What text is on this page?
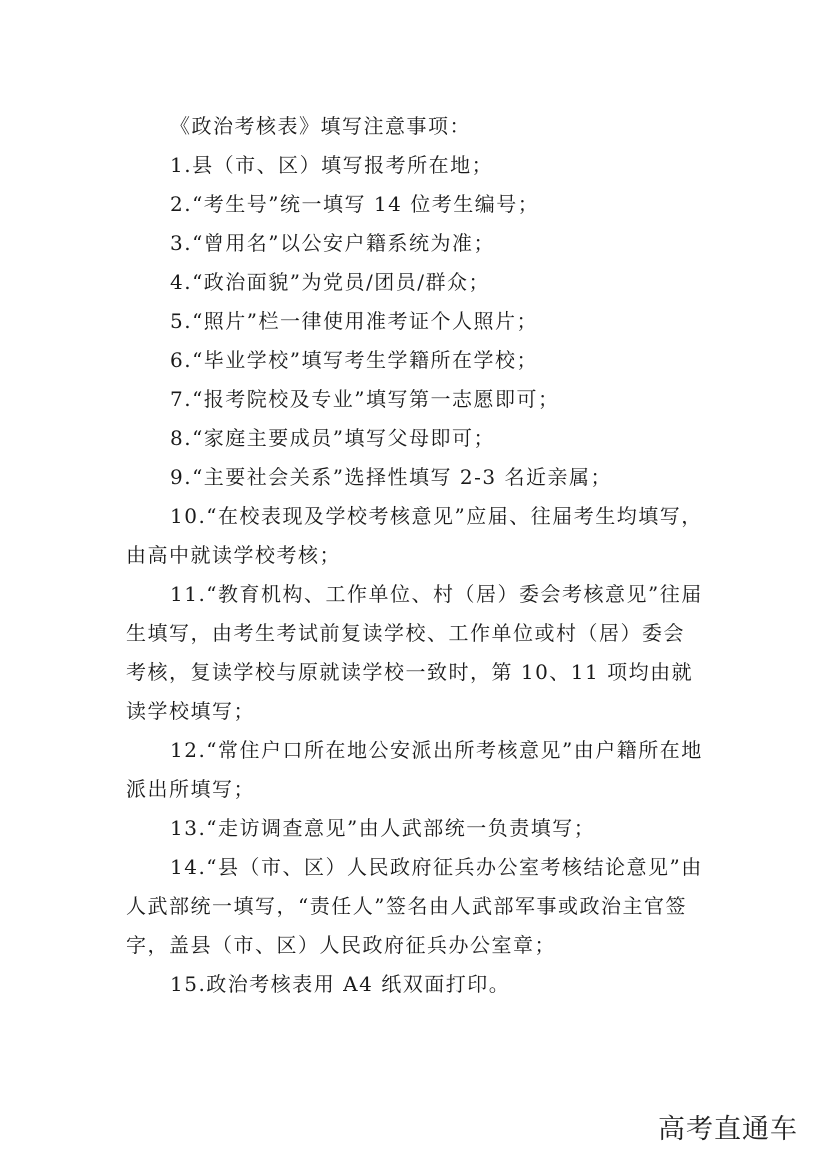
《政治考核表》填写注意事项：

1.县（市、区）填写报考所在地；

2.“考生号”统一填写 14 位考生编号；

3.“曾用名”以公安户籍系统为准；

4.“政治面貌”为党员/团员/群众；

5.“照片”栏一律使用准考证个人照片；

6.“毕业学校”填写考生学籍所在学校；

7.“报考院校及专业”填写第一志愿即可；

8.“家庭主要成员”填写父母即可；

9.“主要社会关系”选择性填写 2-3 名近亲属；

10.“在校表现及学校考核意见”应届、往届考生均填写，由高中就读学校考核；

11.“教育机构、工作单位、村（居）委会考核意见”往届生填写，由考生考试前复读学校、工作单位或村（居）委会考核，复读学校与原就读学校一致时，第 10、11 项均由就读学校填写；

12.“常住户口所在地公安派出所考核意见”由户籍所在地派出所填写；

13.“走访调查意见”由人武部统一负责填写；

14.“县（市、区）人民政府征兵办公室考核结论意见”由人武部统一填写，“责任人”签名由人武部军事或政治主官签字，盖县（市、区）人民政府征兵办公室章；

15.政治考核表用 A4 纸双面打印。

高考直通车
